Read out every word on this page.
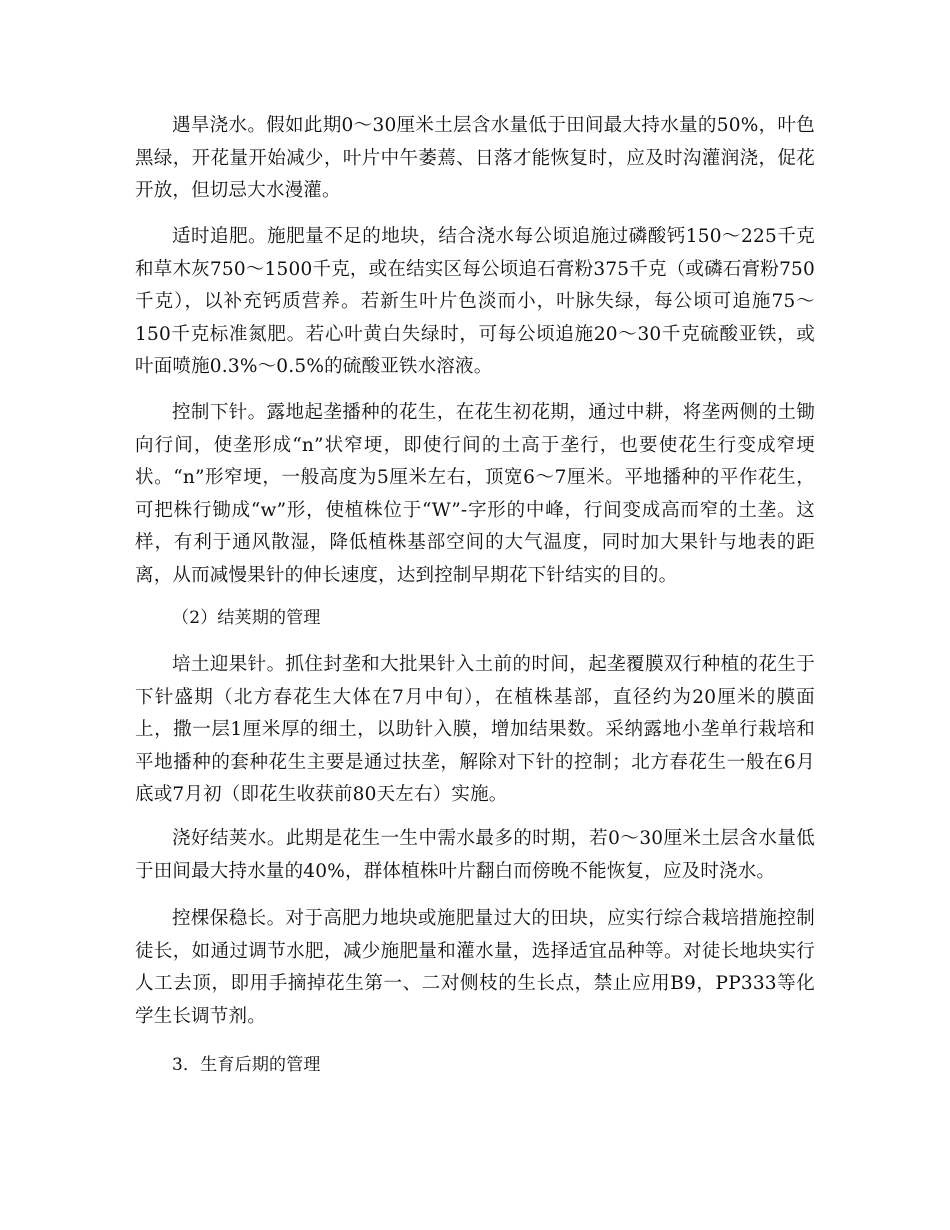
遇旱浇水。假如此期0～30厘米土层含水量低于田间最大持水量的50%，叶色黑绿，开花量开始减少，叶片中午萎蔫、日落才能恢复时，应及时沟灌润浇，促花开放，但切忌大水漫灌。

适时追肥。施肥量不足的地块，结合浇水每公顷追施过磷酸钙150～225千克和草木灰750～1500千克，或在结实区每公顷追石膏粉375千克（或磷石膏粉750千克），以补充钙质营养。若新生叶片色淡而小，叶脉失绿，每公顷可追施75～150千克标准氮肥。若心叶黄白失绿时，可每公顷追施20～30千克硫酸亚铁，或叶面喷施0.3%～0.5%的硫酸亚铁水溶液。

控制下针。露地起垄播种的花生，在花生初花期，通过中耕，将垄两侧的土锄向行间，使垄形成“n”状窄埂，即使行间的土高于垄行，也要使花生行变成窄埂状。“n”形窄埂，一般高度为5厘米左右，顶宽6～7厘米。平地播种的平作花生，可把株行锄成“w”形，使植株位于“W”-字形的中峰，行间变成高而窄的土垄。这样，有利于通风散湿，降低植株基部空间的大气温度，同时加大果针与地表的距离，从而减慢果针的伸长速度，达到控制早期花下针结实的目的。

（2）结荚期的管理

培土迎果针。抓住封垄和大批果针入土前的时间，起垄覆膜双行种植的花生于下针盛期（北方春花生大体在7月中旬），在植株基部，直径约为20厘米的膜面上，撒一层1厘米厚的细土，以助针入膜，增加结果数。采纳露地小垄单行栽培和平地播种的套种花生主要是通过扶垄，解除对下针的控制；北方春花生一般在6月底或7月初（即花生收获前80天左右）实施。

浇好结荚水。此期是花生一生中需水最多的时期，若0～30厘米土层含水量低于田间最大持水量的40%，群体植株叶片翻白而傍晚不能恢复，应及时浇水。

控棵保稳长。对于高肥力地块或施肥量过大的田块，应实行综合栽培措施控制徒长，如通过调节水肥，减少施肥量和灌水量，选择适宜品种等。对徒长地块实行人工去顶，即用手摘掉花生第一、二对侧枝的生长点，禁止应用B9，PP333等化学生长调节剂。

3．生育后期的管理
